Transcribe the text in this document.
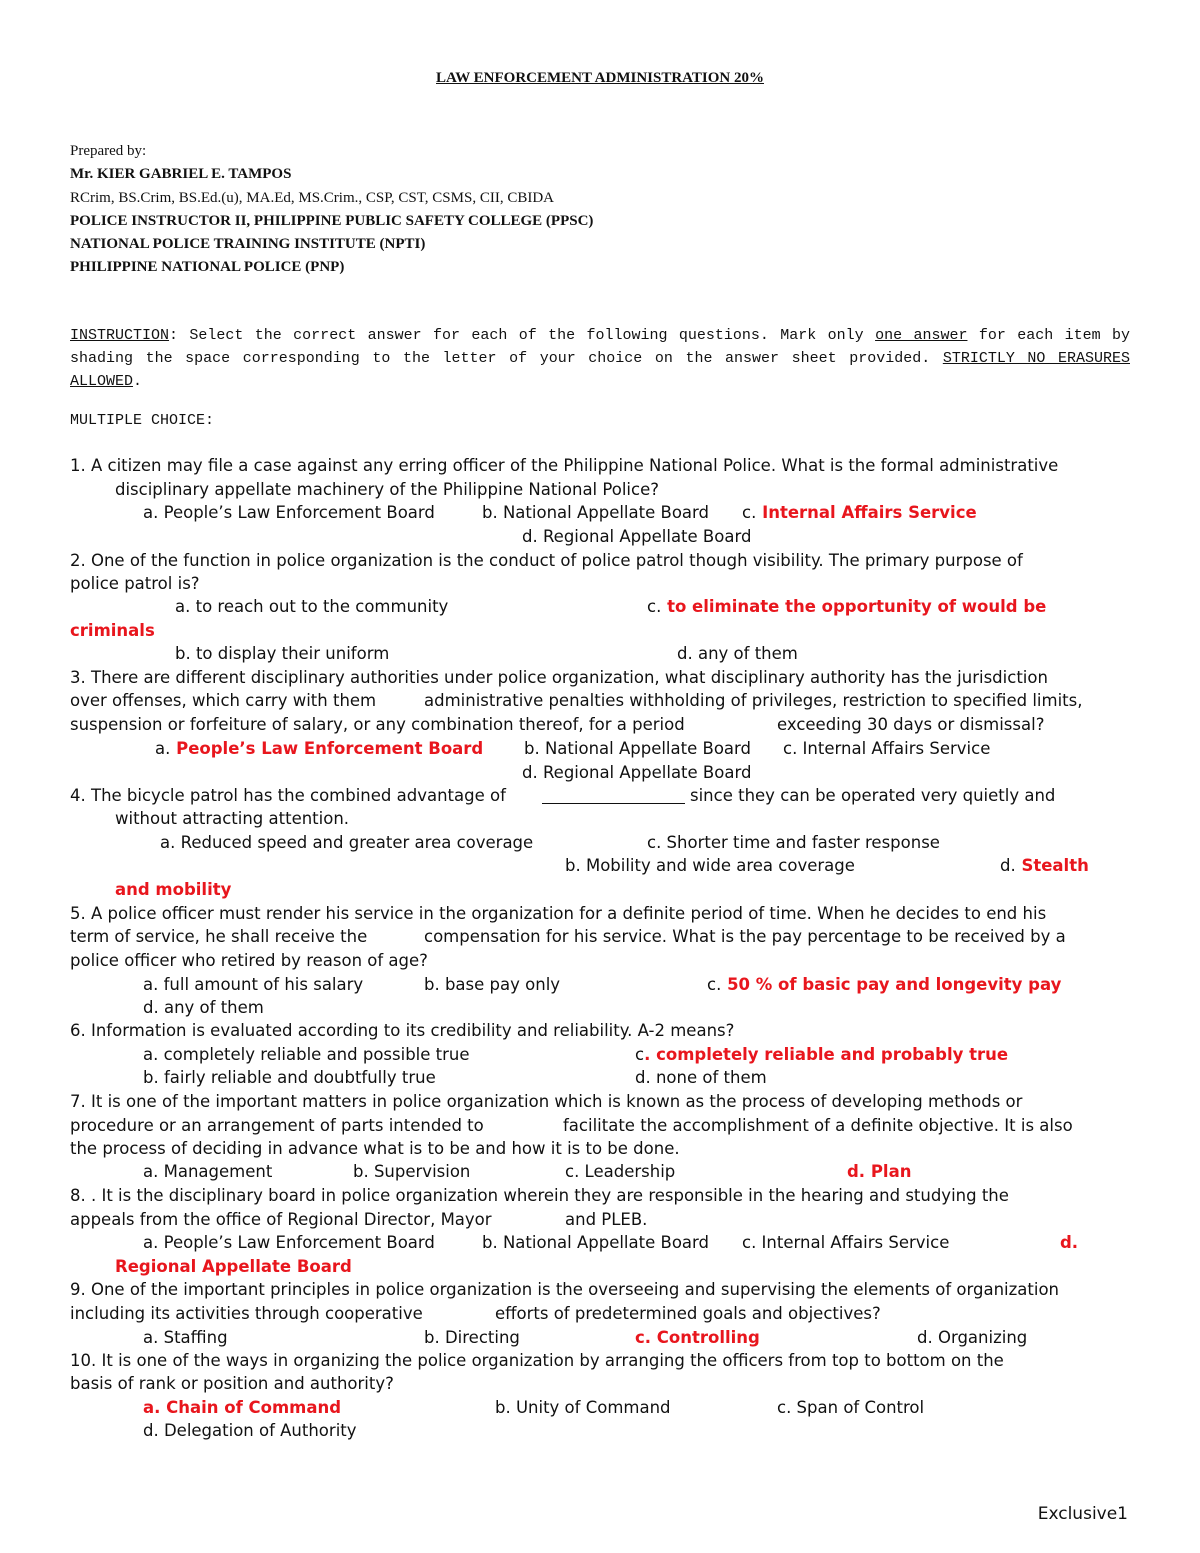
LAW ENFORCEMENT ADMINISTRATION 20%
Prepared by:
Mr. KIER GABRIEL E. TAMPOS
RCrim, BS.Crim, BS.Ed.(u), MA.Ed, MS.Crim., CSP, CST, CSMS, CII, CBIDA
POLICE INSTRUCTOR II, PHILIPPINE PUBLIC SAFETY COLLEGE (PPSC)
NATIONAL POLICE TRAINING INSTITUTE (NPTI)
PHILIPPINE NATIONAL POLICE (PNP)
INSTRUCTION: Select the correct answer for each of the following questions. Mark only one answer for each item by shading the space corresponding to the letter of your choice on the answer sheet provided. STRICTLY NO ERASURES ALLOWED.
MULTIPLE CHOICE:
1. A citizen may file a case against any erring officer of the Philippine National Police. What is the formal administrative
disciplinary appellate machinery of the Philippine National Police?
a. People’s Law Enforcement Board	b. National Appellate Board c. Internal Affairs Service
d. Regional Appellate Board
2. One of the function in police organization is the conduct of police patrol though visibility. The primary purpose of
police patrol is?
a. to reach out to the community	c. to eliminate the opportunity of would be
criminals
b. to display their uniform	d. any of them
3. There are different disciplinary authorities under police organization, what disciplinary authority has the jurisdiction
over offenses, which carry with them	administrative penalties withholding of privileges, restriction to specified limits,
suspension or forfeiture of salary, or any combination thereof, for a period	exceeding 30 days or dismissal?
a. People’s Law Enforcement Board b. National Appellate Board c. Internal Affairs Service
d. Regional Appellate Board
4. The bicycle patrol has the combined advantage of	since they can be operated very quietly and
without attracting attention.
a. Reduced speed and greater area coverage	c. Shorter time and faster response
b. Mobility and wide area coverage	d. Stealth
and mobility
5. A police officer must render his service in the organization for a definite period of time. When he decides to end his
term of service, he shall receive the	compensation for his service. What is the pay percentage to be received by a
police officer who retired by reason of age?
a. full amount of his salary	b. base pay only	c. 50 % of basic pay and longevity pay
d. any of them
6. Information is evaluated according to its credibility and reliability. A-2 means?
a. completely reliable and possible true	c. completely reliable and probably true
b. fairly reliable and doubtfully true	d. none of them
7. It is one of the important matters in police organization which is known as the process of developing methods or
procedure or an arrangement of parts intended to	facilitate the accomplishment of a definite objective. It is also
the process of deciding in advance what is to be and how it is to be done.
a. Management	b. Supervision	c. Leadership	d. Plan
8. . It is the disciplinary board in police organization wherein they are responsible in the hearing and studying the
appeals from the office of Regional Director, Mayor	and PLEB.
a. People’s Law Enforcement Board	b. National Appellate Board c. Internal Affairs Service	d.
Regional Appellate Board
9. One of the important principles in police organization is the overseeing and supervising the elements of organization
including its activities through cooperative	efforts of predetermined goals and objectives?
a. Staffing	b. Directing	c. Controlling	d. Organizing
10. It is one of the ways in organizing the police organization by arranging the officers from top to bottom on the
basis of rank or position and authority?
a. Chain of Command	b. Unity of Command	c. Span of Control
d. Delegation of Authority
Exclusive1
